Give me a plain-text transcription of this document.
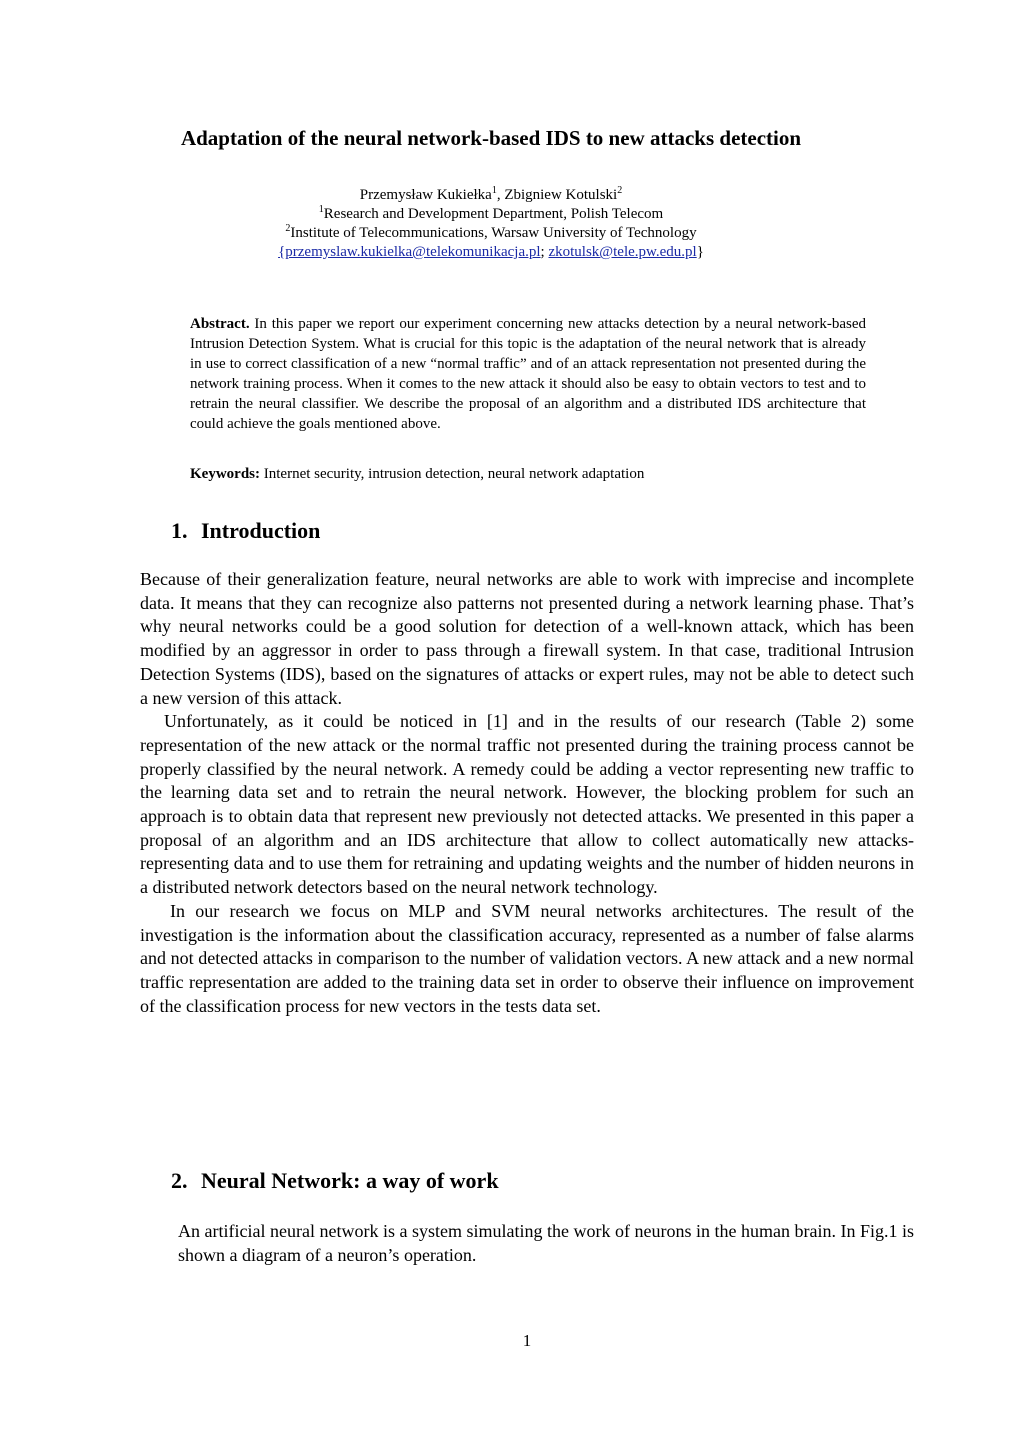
Adaptation of the neural network-based IDS to new attacks detection
Przemysław Kukiełka$^1$, Zbigniew Kotulski$^2$
$^1$Research and Development Department, Polish Telecom
$^2$Institute of Telecommunications, Warsaw University of Technology
{przemyslaw.kukielka@telekomunikacja.pl; zkotulsk@tele.pw.edu.pl}
Abstract. In this paper we report our experiment concerning new attacks detection by a neural network-based Intrusion Detection System. What is crucial for this topic is the adaptation of the neural network that is already in use to correct classification of a new “normal traffic” and of an attack representation not presented during the network training process. When it comes to the new attack it should also be easy to obtain vectors to test and to retrain the neural classifier. We describe the proposal of an algorithm and a distributed IDS architecture that could achieve the goals mentioned above.
Keywords: Internet security, intrusion detection, neural network adaptation
1. Introduction

Because of their generalization feature, neural networks are able to work with imprecise and incomplete data. It means that they can recognize also patterns not presented during a network learning phase. That’s why neural networks could be a good solution for detection of a well-known attack, which has been modified by an aggressor in order to pass through a firewall system. In that case, traditional Intrusion Detection Systems (IDS), based on the signatures of attacks or expert rules, may not be able to detect such a new version of this attack.

Unfortunately, as it could be noticed in [1] and in the results of our research (Table 2) some representation of the new attack or the normal traffic not presented during the training process cannot be properly classified by the neural network. A remedy could be adding a vector representing new traffic to the learning data set and to retrain the neural network. However, the blocking problem for such an approach is to obtain data that represent new previously not detected attacks. We presented in this paper a proposal of an algorithm and an IDS architecture that allow to collect automatically new attacks-representing data and to use them for retraining and updating weights and the number of hidden neurons in a distributed network detectors based on the neural network technology.

In our research we focus on MLP and SVM neural networks architectures. The result of the investigation is the information about the classification accuracy, represented as a number of false alarms and not detected attacks in comparison to the number of validation vectors. A new attack and a new normal traffic representation are added to the training data set in order to observe their influence on improvement of the classification process for new vectors in the tests data set.

2. Neural Network: a way of work

An artificial neural network is a system simulating the work of neurons in the human brain. In Fig.1 is shown a diagram of a neuron’s operation.

1
